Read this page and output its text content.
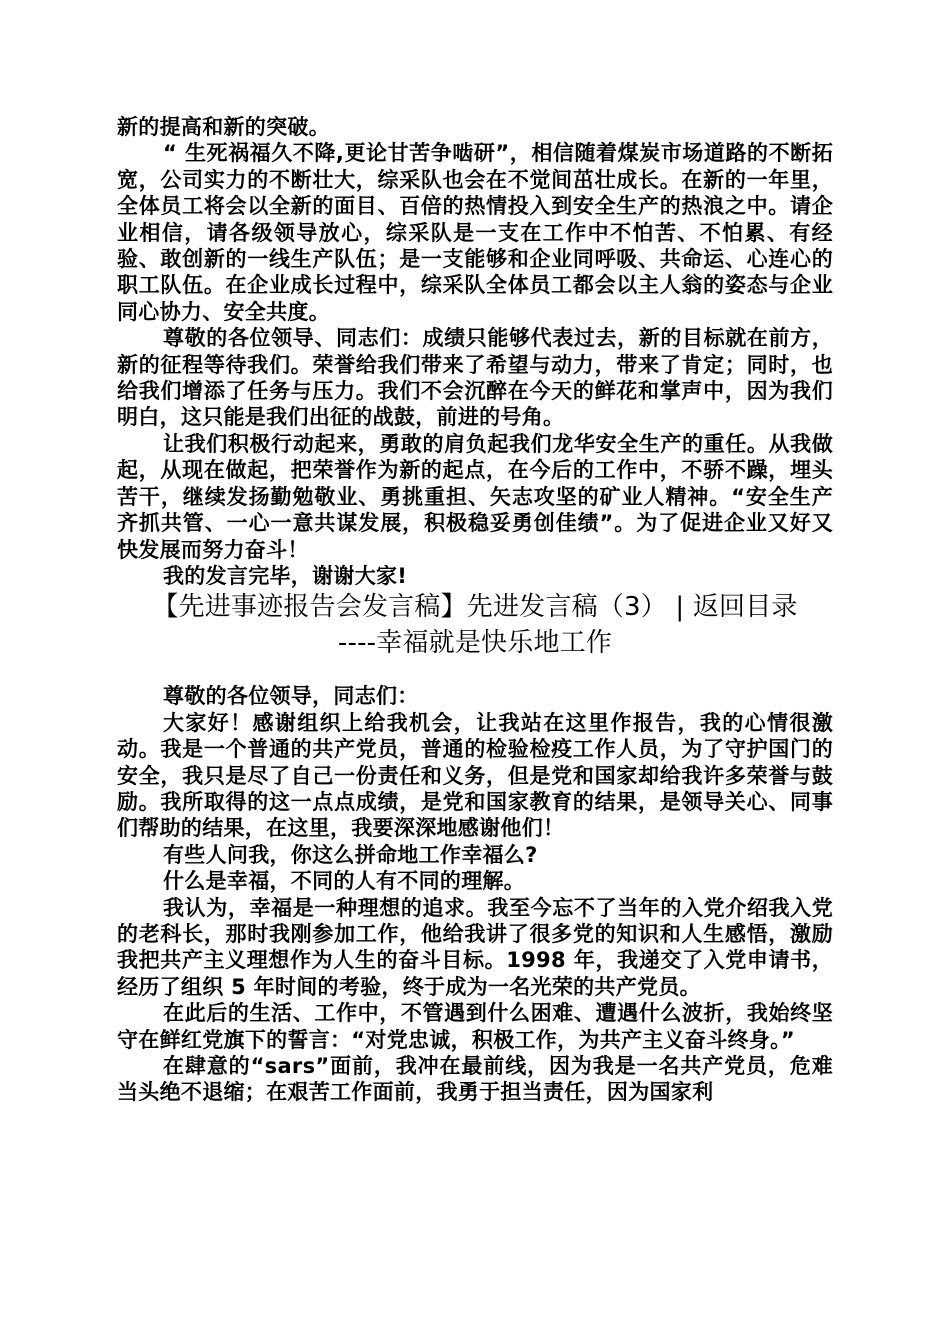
新的提高和新的突破。

“ 生死祸福久不降,更论甘苦争啮研”，相信随着煤炭市场道路的不断拓宽，公司实力的不断壮大，综采队也会在不觉间茁壮成长。在新的一年里，全体员工将会以全新的面目、百倍的热情投入到安全生产的热浪之中。请企业相信，请各级领导放心，综采队是一支在工作中不怕苦、不怕累、有经验、敢创新的一线生产队伍；是一支能够和企业同呼吸、共命运、心连心的职工队伍。在企业成长过程中，综采队全体员工都会以主人翁的姿态与企业同心协力、安全共度。

尊敬的各位领导、同志们：成绩只能够代表过去，新的目标就在前方，新的征程等待我们。荣誉给我们带来了希望与动力，带来了肯定；同时，也给我们增添了任务与压力。我们不会沉醉在今天的鲜花和掌声中，因为我们明白，这只能是我们出征的战鼓，前进的号角。

让我们积极行动起来，勇敢的肩负起我们龙华安全生产的重任。从我做起，从现在做起，把荣誉作为新的起点，在今后的工作中，不骄不躁，埋头苦干，继续发扬勤勉敬业、勇挑重担、矢志攻坚的矿业人精神。“安全生产齐抓共管、一心一意共谋发展，积极稳妥勇创佳绩”。为了促进企业又好又快发展而努力奋斗！

我的发言完毕，谢谢大家!

【先进事迹报告会发言稿】先进发言稿（3） | 返回目录
----幸福就是快乐地工作

尊敬的各位领导，同志们：

大家好！感谢组织上给我机会，让我站在这里作报告，我的心情很激动。我是一个普通的共产党员，普通的检验检疫工作人员，为了守护国门的安全，我只是尽了自己一份责任和义务，但是党和国家却给我许多荣誉与鼓励。我所取得的这一点点成绩，是党和国家教育的结果，是领导关心、同事们帮助的结果，在这里，我要深深地感谢他们！

有些人问我，你这么拼命地工作幸福么?

什么是幸福，不同的人有不同的理解。

我认为，幸福是一种理想的追求。我至今忘不了当年的入党介绍我入党的老科长，那时我刚参加工作，他给我讲了很多党的知识和人生感悟，激励我把共产主义理想作为人生的奋斗目标。1998 年，我递交了入党申请书，经历了组织 5 年时间的考验，终于成为一名光荣的共产党员。

在此后的生活、工作中，不管遇到什么困难、遭遇什么波折，我始终坚守在鲜红党旗下的誓言：“对党忠诚，积极工作，为共产主义奋斗终身。”

在肆意的“sars”面前，我冲在最前线，因为我是一名共产党员，危难当头绝不退缩；在艰苦工作面前，我勇于担当责任，因为国家利
